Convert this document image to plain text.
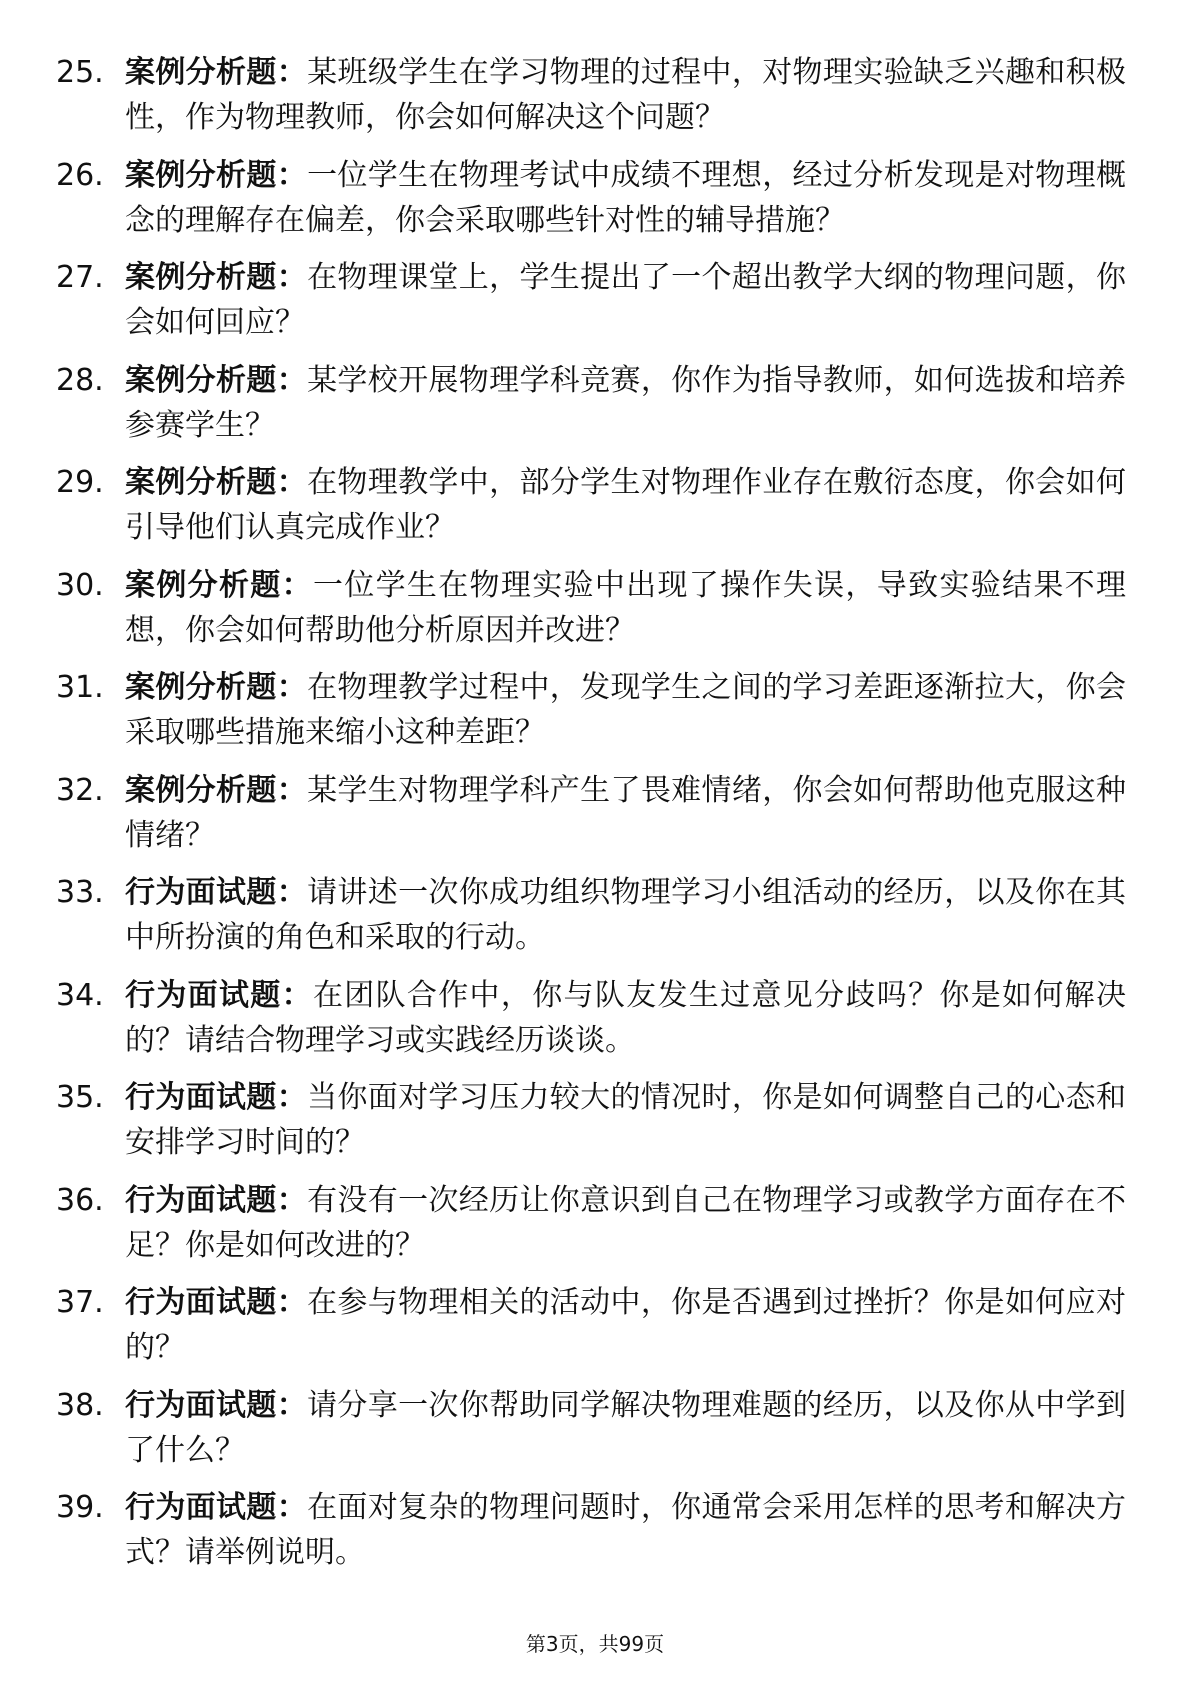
25. 案例分析题：某班级学生在学习物理的过程中，对物理实验缺乏兴趣和积极性，作为物理教师，你会如何解决这个问题？
26. 案例分析题：一位学生在物理考试中成绩不理想，经过分析发现是对物理概念的理解存在偏差，你会采取哪些针对性的辅导措施？
27. 案例分析题：在物理课堂上，学生提出了一个超出教学大纲的物理问题，你会如何回应？
28. 案例分析题：某学校开展物理学科竞赛，你作为指导教师，如何选拔和培养参赛学生？
29. 案例分析题：在物理教学中，部分学生对物理作业存在敷衍态度，你会如何引导他们认真完成作业？
30. 案例分析题：一位学生在物理实验中出现了操作失误，导致实验结果不理想，你会如何帮助他分析原因并改进？
31. 案例分析题：在物理教学过程中，发现学生之间的学习差距逐渐拉大，你会采取哪些措施来缩小这种差距？
32. 案例分析题：某学生对物理学科产生了畏难情绪，你会如何帮助他克服这种情绪？
33. 行为面试题：请讲述一次你成功组织物理学习小组活动的经历，以及你在其中所扮演的角色和采取的行动。
34. 行为面试题：在团队合作中，你与队友发生过意见分歧吗？你是如何解决的？请结合物理学习或实践经历谈谈。
35. 行为面试题：当你面对学习压力较大的情况时，你是如何调整自己的心态和安排学习时间的？
36. 行为面试题：有没有一次经历让你意识到自己在物理学习或教学方面存在不足？你是如何改进的？
37. 行为面试题：在参与物理相关的活动中，你是否遇到过挫折？你是如何应对的？
38. 行为面试题：请分享一次你帮助同学解决物理难题的经历，以及你从中学到了什么？
39. 行为面试题：在面对复杂的物理问题时，你通常会采用怎样的思考和解决方式？请举例说明。
第3页，共99页
